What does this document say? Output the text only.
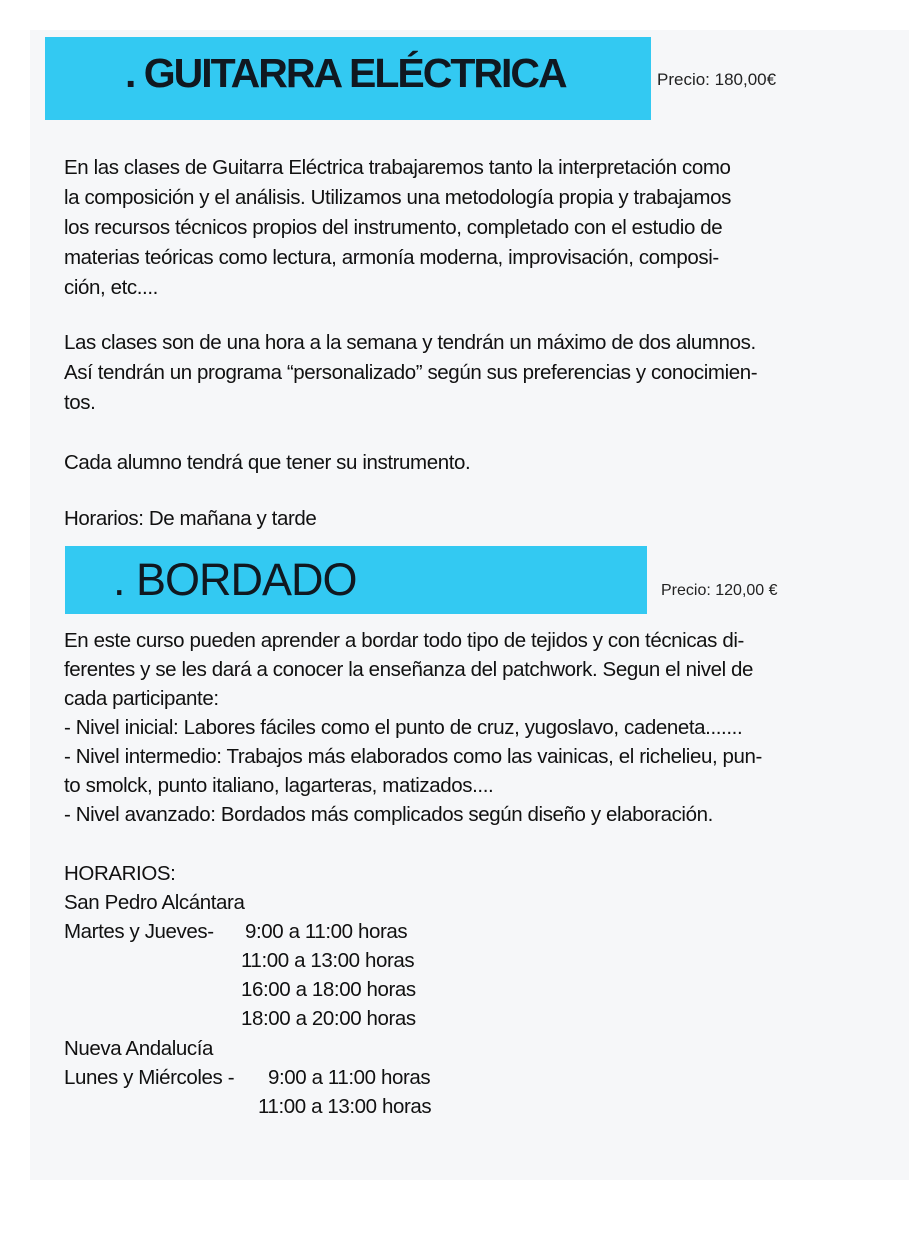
. GUITARRA ELÉCTRICA	Precio: 180,00€
En las clases de Guitarra Eléctrica trabajaremos tanto la interpretación como
la composición y el análisis. Utilizamos una metodología propia y trabajamos
los recursos técnicos propios del instrumento, completado con el estudio de
materias teóricas como lectura, armonía moderna, improvisación, composi-
ción, etc....
Las clases son de una hora a la semana y tendrán un máximo de dos alumnos.
Así tendrán un programa “personalizado” según sus preferencias y conocimien-
tos.
Cada alumno tendrá que tener su instrumento.
Horarios: De mañana y tarde
. BORDADO	Precio: 120,00 €
En este curso pueden aprender a bordar todo tipo de tejidos y con técnicas di-
ferentes y se les dará a conocer la enseñanza del patchwork. Segun el nivel de
cada participante:
- Nivel inicial: Labores fáciles como el punto de cruz, yugoslavo, cadeneta.......
- Nivel intermedio: Trabajos más elaborados como las vainicas, el richelieu, pun-
to smolck, punto italiano, lagarteras, matizados....
- Nivel avanzado: Bordados más complicados según diseño y elaboración.
HORARIOS:
San Pedro Alcántara
Martes y Jueves- 9:00 a 11:00 horas
11:00 a 13:00 horas
16:00 a 18:00 horas
18:00 a 20:00 horas
Nueva Andalucía
Lunes y Miércoles - 9:00 a 11:00 horas
11:00 a 13:00 horas
